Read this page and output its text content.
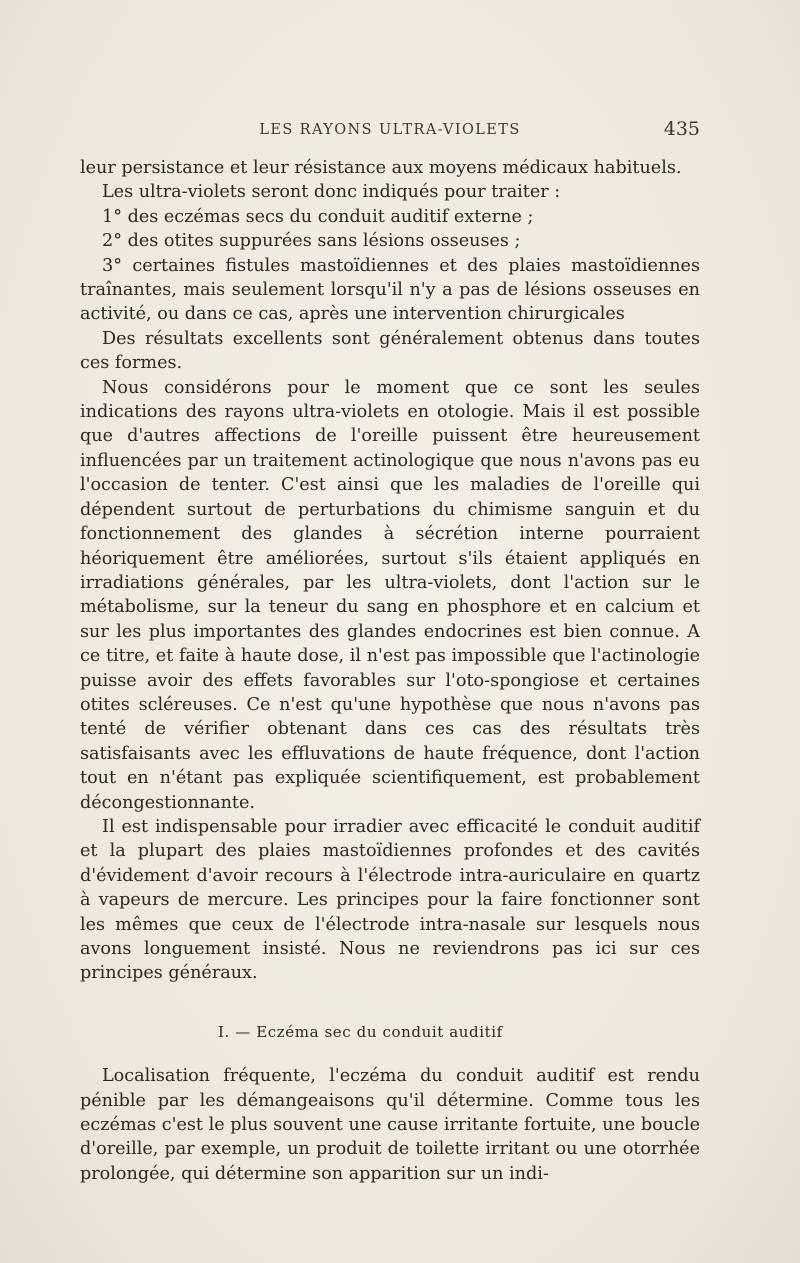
LES RAYONS ULTRA-VIOLETS	435

leur persistance et leur résistance aux moyens médicaux habituels.

Les ultra-violets seront donc indiqués pour traiter :

1° des eczémas secs du conduit auditif externe ;

2° des otites suppurées sans lésions osseuses ;

3° certaines fistules mastoïdiennes et des plaies mastoïdiennes traînantes, mais seulement lorsqu'il n'y a pas de lésions osseuses en activité, ou dans ce cas, après une intervention chirurgicales

Des résultats excellents sont généralement obtenus dans toutes ces formes.

Nous considérons pour le moment que ce sont les seules indications des rayons ultra-violets en otologie. Mais il est possible que d'autres affections de l'oreille puissent être heureusement influencées par un traitement actinologique que nous n'avons pas eu l'occasion de tenter. C'est ainsi que les maladies de l'oreille qui dépendent surtout de perturbations du chimisme sanguin et du fonctionnement des glandes à sécrétion interne pourraient héoriquement être améliorées, surtout s'ils étaient appliqués en irradiations générales, par les ultra-violets, dont l'action sur le métabolisme, sur la teneur du sang en phosphore et en calcium et sur les plus importantes des glandes endocrines est bien connue. A ce titre, et faite à haute dose, il n'est pas impossible que l'actinologie puisse avoir des effets favorables sur l'oto-spongiose et certaines otites scléreuses. Ce n'est qu'une hypothèse que nous n'avons pas tenté de vérifier obtenant dans ces cas des résultats très satisfaisants avec les effluvations de haute fréquence, dont l'action tout en n'étant pas expliquée scientifiquement, est probablement décongestionnante.

Il est indispensable pour irradier avec efficacité le conduit auditif et la plupart des plaies mastoïdiennes profondes et des cavités d'évidement d'avoir recours à l'électrode intra-auriculaire en quartz à vapeurs de mercure. Les principes pour la faire fonctionner sont les mêmes que ceux de l'électrode intra-nasale sur lesquels nous avons longuement insisté. Nous ne reviendrons pas ici sur ces principes généraux.

I. — Eczéma sec du conduit auditif

Localisation fréquente, l'eczéma du conduit auditif est rendu pénible par les démangeaisons qu'il détermine. Comme tous les eczémas c'est le plus souvent une cause irritante fortuite, une boucle d'oreille, par exemple, un produit de toilette irritant ou une otorrhée prolongée, qui détermine son apparition sur un indi-
